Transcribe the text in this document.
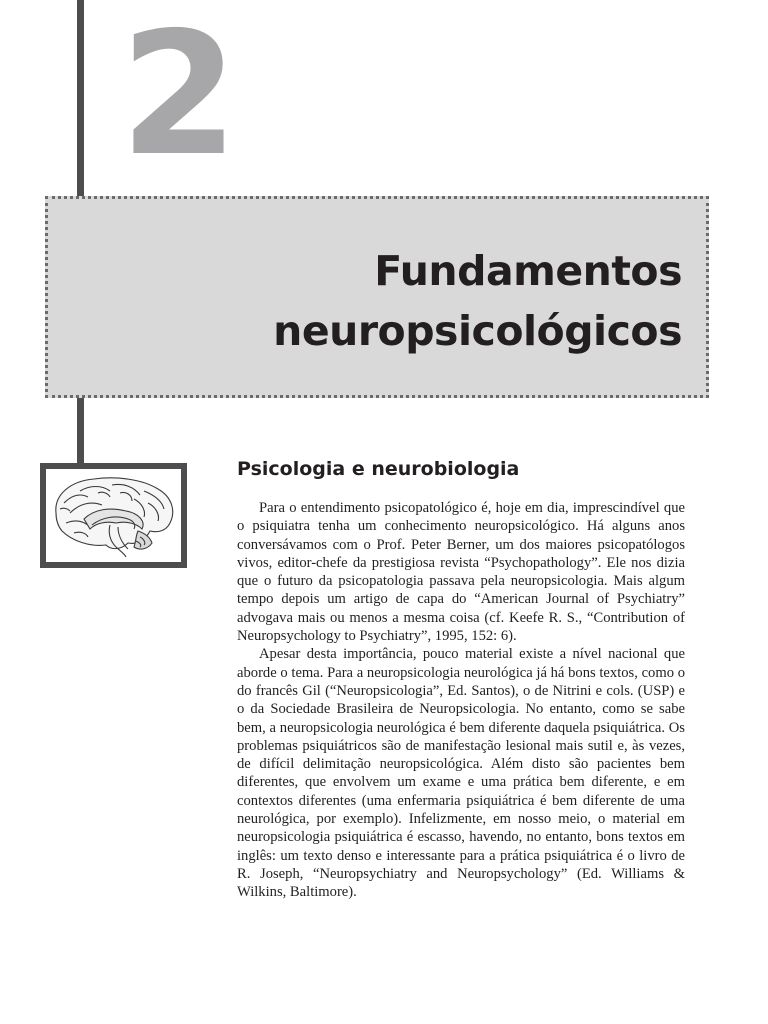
2
Fundamentos
neuropsicológicos
Psicologia e neurobiologia

Para o entendimento psicopatológico é, hoje em dia, imprescindível que o psiquiatra tenha um conhecimento neuropsicológico. Há alguns anos conversávamos com o Prof. Peter Berner, um dos maiores psicopatólogos vivos, editor-chefe da prestigiosa revista “Psychopathology”. Ele nos dizia que o futuro da psicopatologia passava pela neuropsicologia. Mais algum tempo depois um artigo de capa do “American Journal of Psychiatry” advogava mais ou menos a mesma coisa (cf. Keefe R. S., “Contribution of Neuropsychology to Psychiatry”, 1995, 152: 6).

Apesar desta importância, pouco material existe a nível nacional que aborde o tema. Para a neuropsicologia neurológica já há bons textos, como o do francês Gil (“Neuropsicologia”, Ed. Santos), o de Nitrini e cols. (USP) e o da Sociedade Brasileira de Neuropsicologia. No entanto, como se sabe bem, a neuropsicologia neurológica é bem diferente daquela psiquiátrica. Os problemas psiquiátricos são de manifestação lesional mais sutil e, às vezes, de difícil delimitação neuropsicológica. Além disto são pacientes bem diferentes, que envolvem um exame e uma prática bem diferente, e em contextos diferentes (uma enfermaria psiquiátrica é bem diferente de uma neurológica, por exemplo). Infelizmente, em nosso meio, o material em neuropsicologia psiquiátrica é escasso, havendo, no entanto, bons textos em inglês: um texto denso e interessante para a prática psiquiátrica é o livro de R. Joseph, “Neuropsychiatry and Neuropsychology” (Ed. Williams & Wilkins, Baltimore).
